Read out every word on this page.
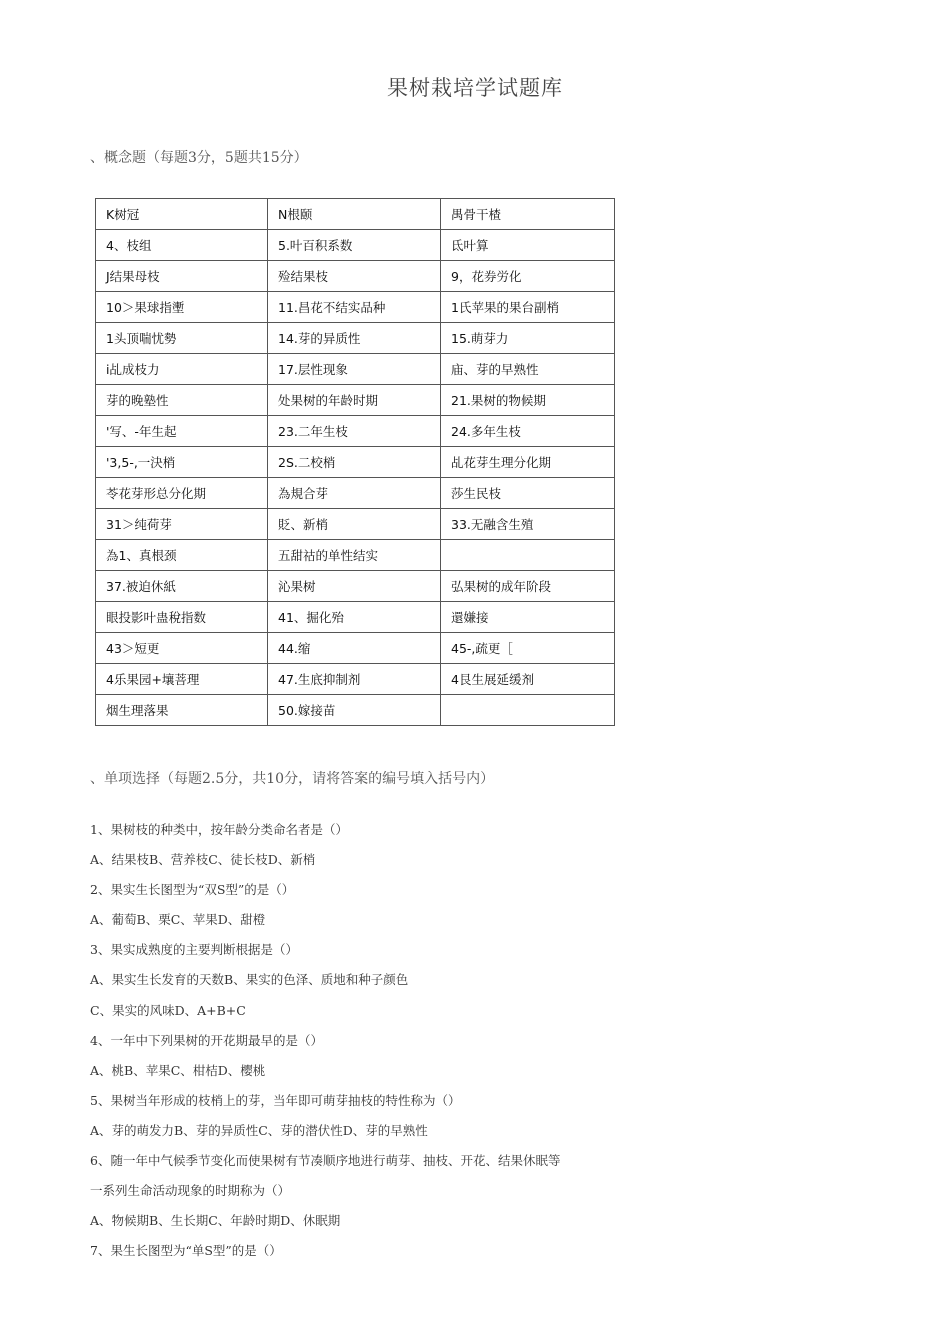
果树栽培学试题库
、概念题（每题3分，5题共15分）
K树冠	N根颐	禺骨干楂
4、枝组	5.叶百积系数	氐叶算
J结果母枝	殓结果枝	9，花券労化
10＞果球指壍	11.昌花不结实品种	1氏苹果的果台副梢
1头顶喘忧勢	14.芽的异质性	15.萌芽力
i乩成枝力	17.层性现象	庙、芽的早熟性
芽的晚塾性	处果树的年龄时期	21.果树的物候期
'写、-年生起	23.二年生枝	24.多年生枝
'3,5-,一決梢	2S.二校梢	乩花芽生理分化期
苓花芽形总分化期	為規合芽	莎生民枝
31＞纯荷芽	貶、新梢	33.无融含生殖
為1、真根颈	五甜祜的单性结实	
37.被迫休紙	沁果树	弘果树的成年阶段
眼投影叶蛊稅指数	41、掘化殆	還嫌接
43＞短更	44.缩	45-,疏更［
4乐果园+壤菩理	47.生底抑制剂	4艮生展延缓剂
烟生理落果	50.嫁接苗	
、单项选择（每题2.5分，共10分，请将答案的编号填入括号内）
1、果树枝的种类中，按年龄分类命名者是（）
A、结果枝B、营养枝C、徒长枝D、新梢
2、果实生长图型为“双S型”的是（）
A、葡萄B、栗C、苹果D、甜橙
3、果实成熟度的主要判断根据是（）
A、果实生长发育的天数B、果实的色泽、质地和种子颜色
C、果实的风味D、A+B+C
4、一年中下列果树的开花期最早的是（）
A、桃B、苹果C、柑桔D、樱桃
5、果树当年形成的枝梢上的芽，当年即可萌芽抽枝的特性称为（）
A、芽的萌发力B、芽的异质性C、芽的潜伏性D、芽的早熟性
6、随一年中气候季节变化而使果树有节凑顺序地进行萌芽、抽枝、开花、结果休眠等
一系列生命活动现象的时期称为（）
A、物候期B、生长期C、年龄时期D、休眠期
7、果生长图型为“单S型”的是（）
